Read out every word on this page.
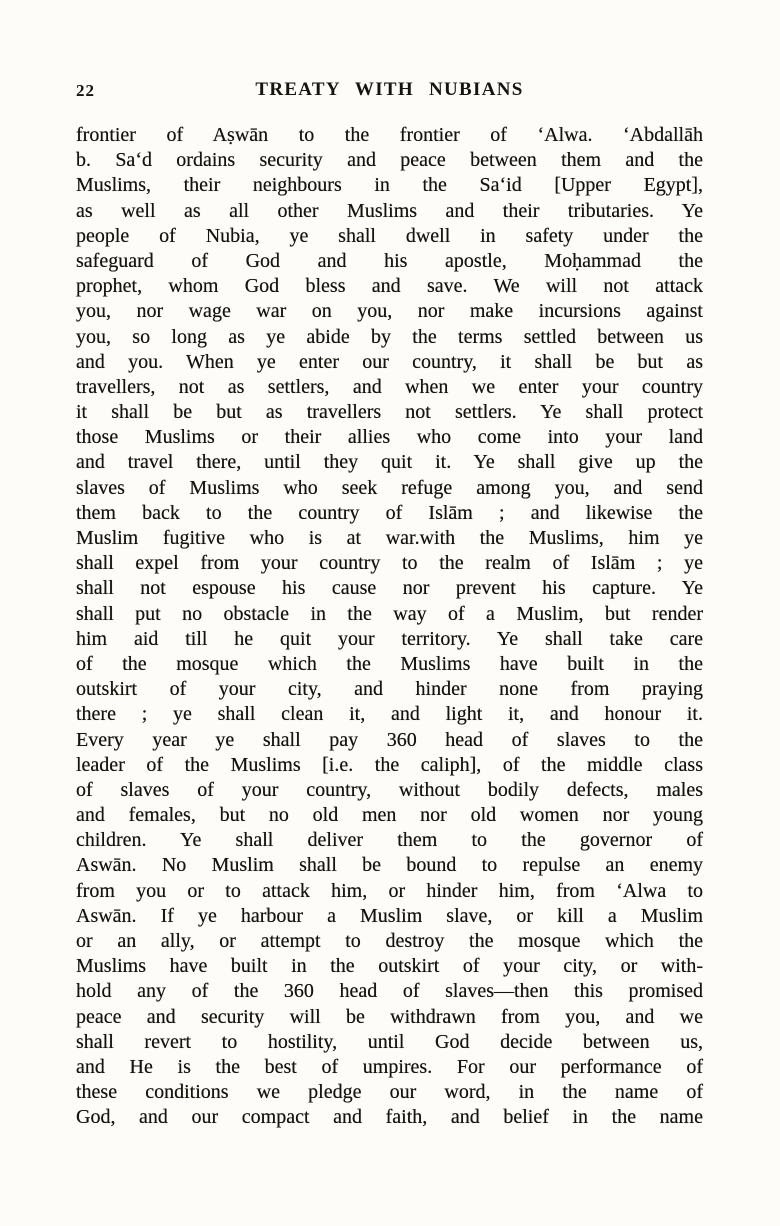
22	TREATY WITH NUBIANS
frontier of Aṣwān to the frontier of ‘Alwa. ‘Abdallāh
b. Sa‘d ordains security and peace between them and the
Muslims, their neighbours in the Sa‘id [Upper Egypt],
as well as all other Muslims and their tributaries. Ye
people of Nubia, ye shall dwell in safety under the
safeguard of God and his apostle, Moḥammad the
prophet, whom God bless and save. We will not attack
you, nor wage war on you, nor make incursions against
you, so long as ye abide by the terms settled between us
and you. When ye enter our country, it shall be but as
travellers, not as settlers, and when we enter your country
it shall be but as travellers not settlers. Ye shall protect
those Muslims or their allies who come into your land
and travel there, until they quit it. Ye shall give up the
slaves of Muslims who seek refuge among you, and send
them back to the country of Islām ; and likewise the
Muslim fugitive who is at war.with the Muslims, him ye
shall expel from your country to the realm of Islām ; ye
shall not espouse his cause nor prevent his capture. Ye
shall put no obstacle in the way of a Muslim, but render
him aid till he quit your territory. Ye shall take care
of the mosque which the Muslims have built in the
outskirt of your city, and hinder none from praying
there ; ye shall clean it, and light it, and honour it.
Every year ye shall pay 360 head of slaves to the
leader of the Muslims [i.e. the caliph], of the middle class
of slaves of your country, without bodily defects, males
and females, but no old men nor old women nor young
children. Ye shall deliver them to the governor of
Aswān. No Muslim shall be bound to repulse an enemy
from you or to attack him, or hinder him, from ‘Alwa to
Aswān. If ye harbour a Muslim slave, or kill a Muslim
or an ally, or attempt to destroy the mosque which the
Muslims have built in the outskirt of your city, or with-
hold any of the 360 head of slaves—then this promised
peace and security will be withdrawn from you, and we
shall revert to hostility, until God decide between us,
and He is the best of umpires. For our performance of
these conditions we pledge our word, in the name of
God, and our compact and faith, and belief in the name
